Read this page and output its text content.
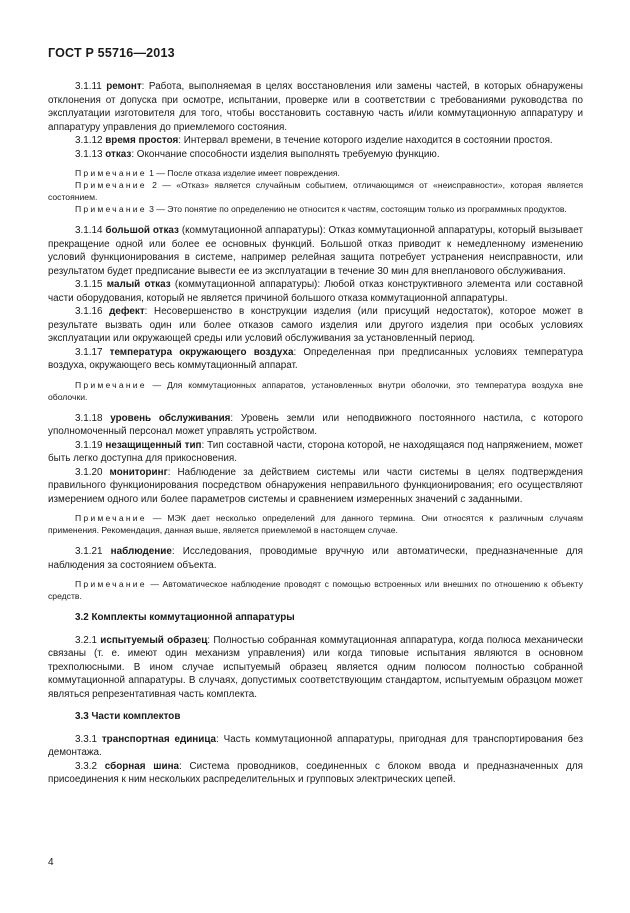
ГОСТ Р 55716—2013

3.1.11 ремонт: Работа, выполняемая в целях восстановления или замены частей, в которых обнаружены отклонения от допуска при осмотре, испытании, проверке или в соответствии с требованиями руководства по эксплуатации изготовителя для того, чтобы восстановить составную часть и/или коммутационную аппаратуру и аппаратуру управления до приемлемого состояния.

3.1.12 время простоя: Интервал времени, в течение которого изделие находится в состоянии простоя.

3.1.13 отказ: Окончание способности изделия выполнять требуемую функцию.

Примечание 1 — После отказа изделие имеет повреждения.

Примечание 2 — «Отказ» является случайным событием, отличающимся от «неисправности», которая является состоянием.

Примечание 3 — Это понятие по определению не относится к частям, состоящим только из программных продуктов.

3.1.14 большой отказ (коммутационной аппаратуры): Отказ коммутационной аппаратуры, который вызывает прекращение одной или более ее основных функций. Большой отказ приводит к немедленному изменению условий функционирования в системе, например релейная защита потребует устранения неисправности, или результатом будет предписание вывести ее из эксплуатации в течение 30 мин для внепланового обслуживания.

3.1.15 малый отказ (коммутационной аппаратуры): Любой отказ конструктивного элемента или составной части оборудования, который не является причиной большого отказа коммутационной аппаратуры.

3.1.16 дефект: Несовершенство в конструкции изделия (или присущий недостаток), которое может в результате вызвать один или более отказов самого изделия или другого изделия при особых условиях эксплуатации или окружающей среды или условий обслуживания за установленный период.

3.1.17 температура окружающего воздуха: Определенная при предписанных условиях температура воздуха, окружающего весь коммутационный аппарат.

Примечание — Для коммутационных аппаратов, установленных внутри оболочки, это температура воздуха вне оболочки.

3.1.18 уровень обслуживания: Уровень земли или неподвижного постоянного настила, с которого уполномоченный персонал может управлять устройством.

3.1.19 незащищенный тип: Тип составной части, сторона которой, не находящаяся под напряжением, может быть легко доступна для прикосновения.

3.1.20 мониторинг: Наблюдение за действием системы или части системы в целях подтверждения правильного функционирования посредством обнаружения неправильного функционирования; его осуществляют измерением одного или более параметров системы и сравнением измеренных значений с заданными.

Примечание — МЭК дает несколько определений для данного термина. Они относятся к различным случаям применения. Рекомендация, данная выше, является приемлемой в настоящем случае.

3.1.21 наблюдение: Исследования, проводимые вручную или автоматически, предназначенные для наблюдения за состоянием объекта.

Примечание — Автоматическое наблюдение проводят с помощью встроенных или внешних по отношению к объекту средств.

3.2 Комплекты коммутационной аппаратуры

3.2.1 испытуемый образец: Полностью собранная коммутационная аппаратура, когда полюса механически связаны (т. е. имеют один механизм управления) или когда типовые испытания являются в основном трехполюсными. В ином случае испытуемый образец является одним полюсом полностью собранной коммутационной аппаратуры. В случаях, допустимых соответствующим стандартом, испытуемым образцом может являться репрезентативная часть комплекта.

3.3 Части комплектов

3.3.1 транспортная единица: Часть коммутационной аппаратуры, пригодная для транспортирования без демонтажа.

3.3.2 сборная шина: Система проводников, соединенных с блоком ввода и предназначенных для присоединения к ним нескольких распределительных и групповых электрических цепей.

4
